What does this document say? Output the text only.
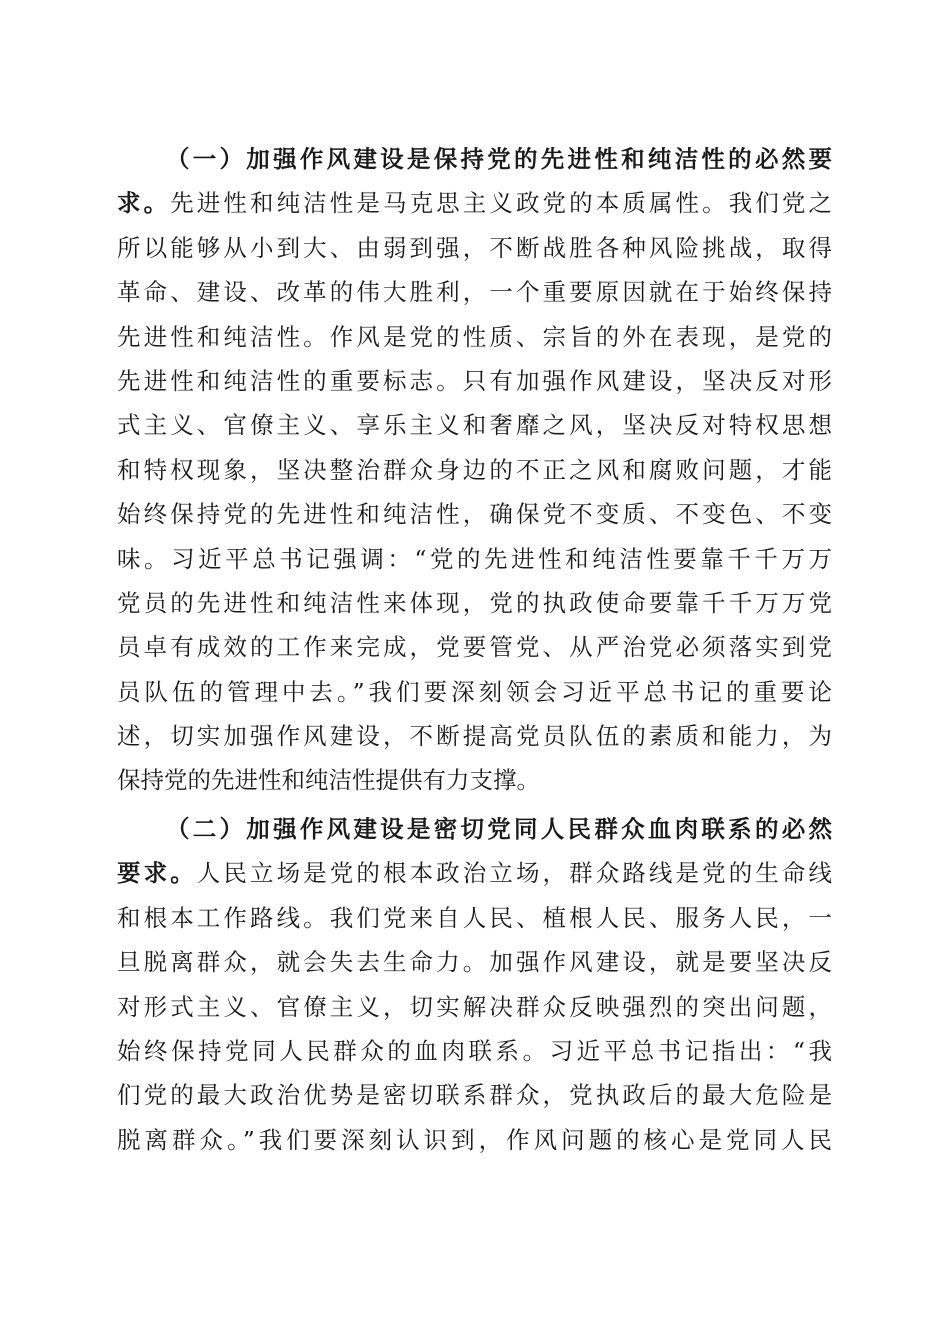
（一）加强作风建设是保持党的先进性和纯洁性的必然要
求。先进性和纯洁性是马克思主义政党的本质属性。我们党之
所以能够从小到大、由弱到强，不断战胜各种风险挑战，取得
革命、建设、改革的伟大胜利，一个重要原因就在于始终保持
先进性和纯洁性。作风是党的性质、宗旨的外在表现，是党的
先进性和纯洁性的重要标志。只有加强作风建设，坚决反对形
式主义、官僚主义、享乐主义和奢靡之风，坚决反对特权思想
和特权现象，坚决整治群众身边的不正之风和腐败问题，才能
始终保持党的先进性和纯洁性，确保党不变质、不变色、不变
味。习近平总书记强调：“党的先进性和纯洁性要靠千千万万
党员的先进性和纯洁性来体现，党的执政使命要靠千千万万党
员卓有成效的工作来完成，党要管党、从严治党必须落实到党
员队伍的管理中去。”我们要深刻领会习近平总书记的重要论
述，切实加强作风建设，不断提高党员队伍的素质和能力，为
保持党的先进性和纯洁性提供有力支撑。
（二）加强作风建设是密切党同人民群众血肉联系的必然
要求。人民立场是党的根本政治立场，群众路线是党的生命线
和根本工作路线。我们党来自人民、植根人民、服务人民，一
旦脱离群众，就会失去生命力。加强作风建设，就是要坚决反
对形式主义、官僚主义，切实解决群众反映强烈的突出问题，
始终保持党同人民群众的血肉联系。习近平总书记指出：“我
们党的最大政治优势是密切联系群众，党执政后的最大危险是
脱离群众。”我们要深刻认识到，作风问题的核心是党同人民
